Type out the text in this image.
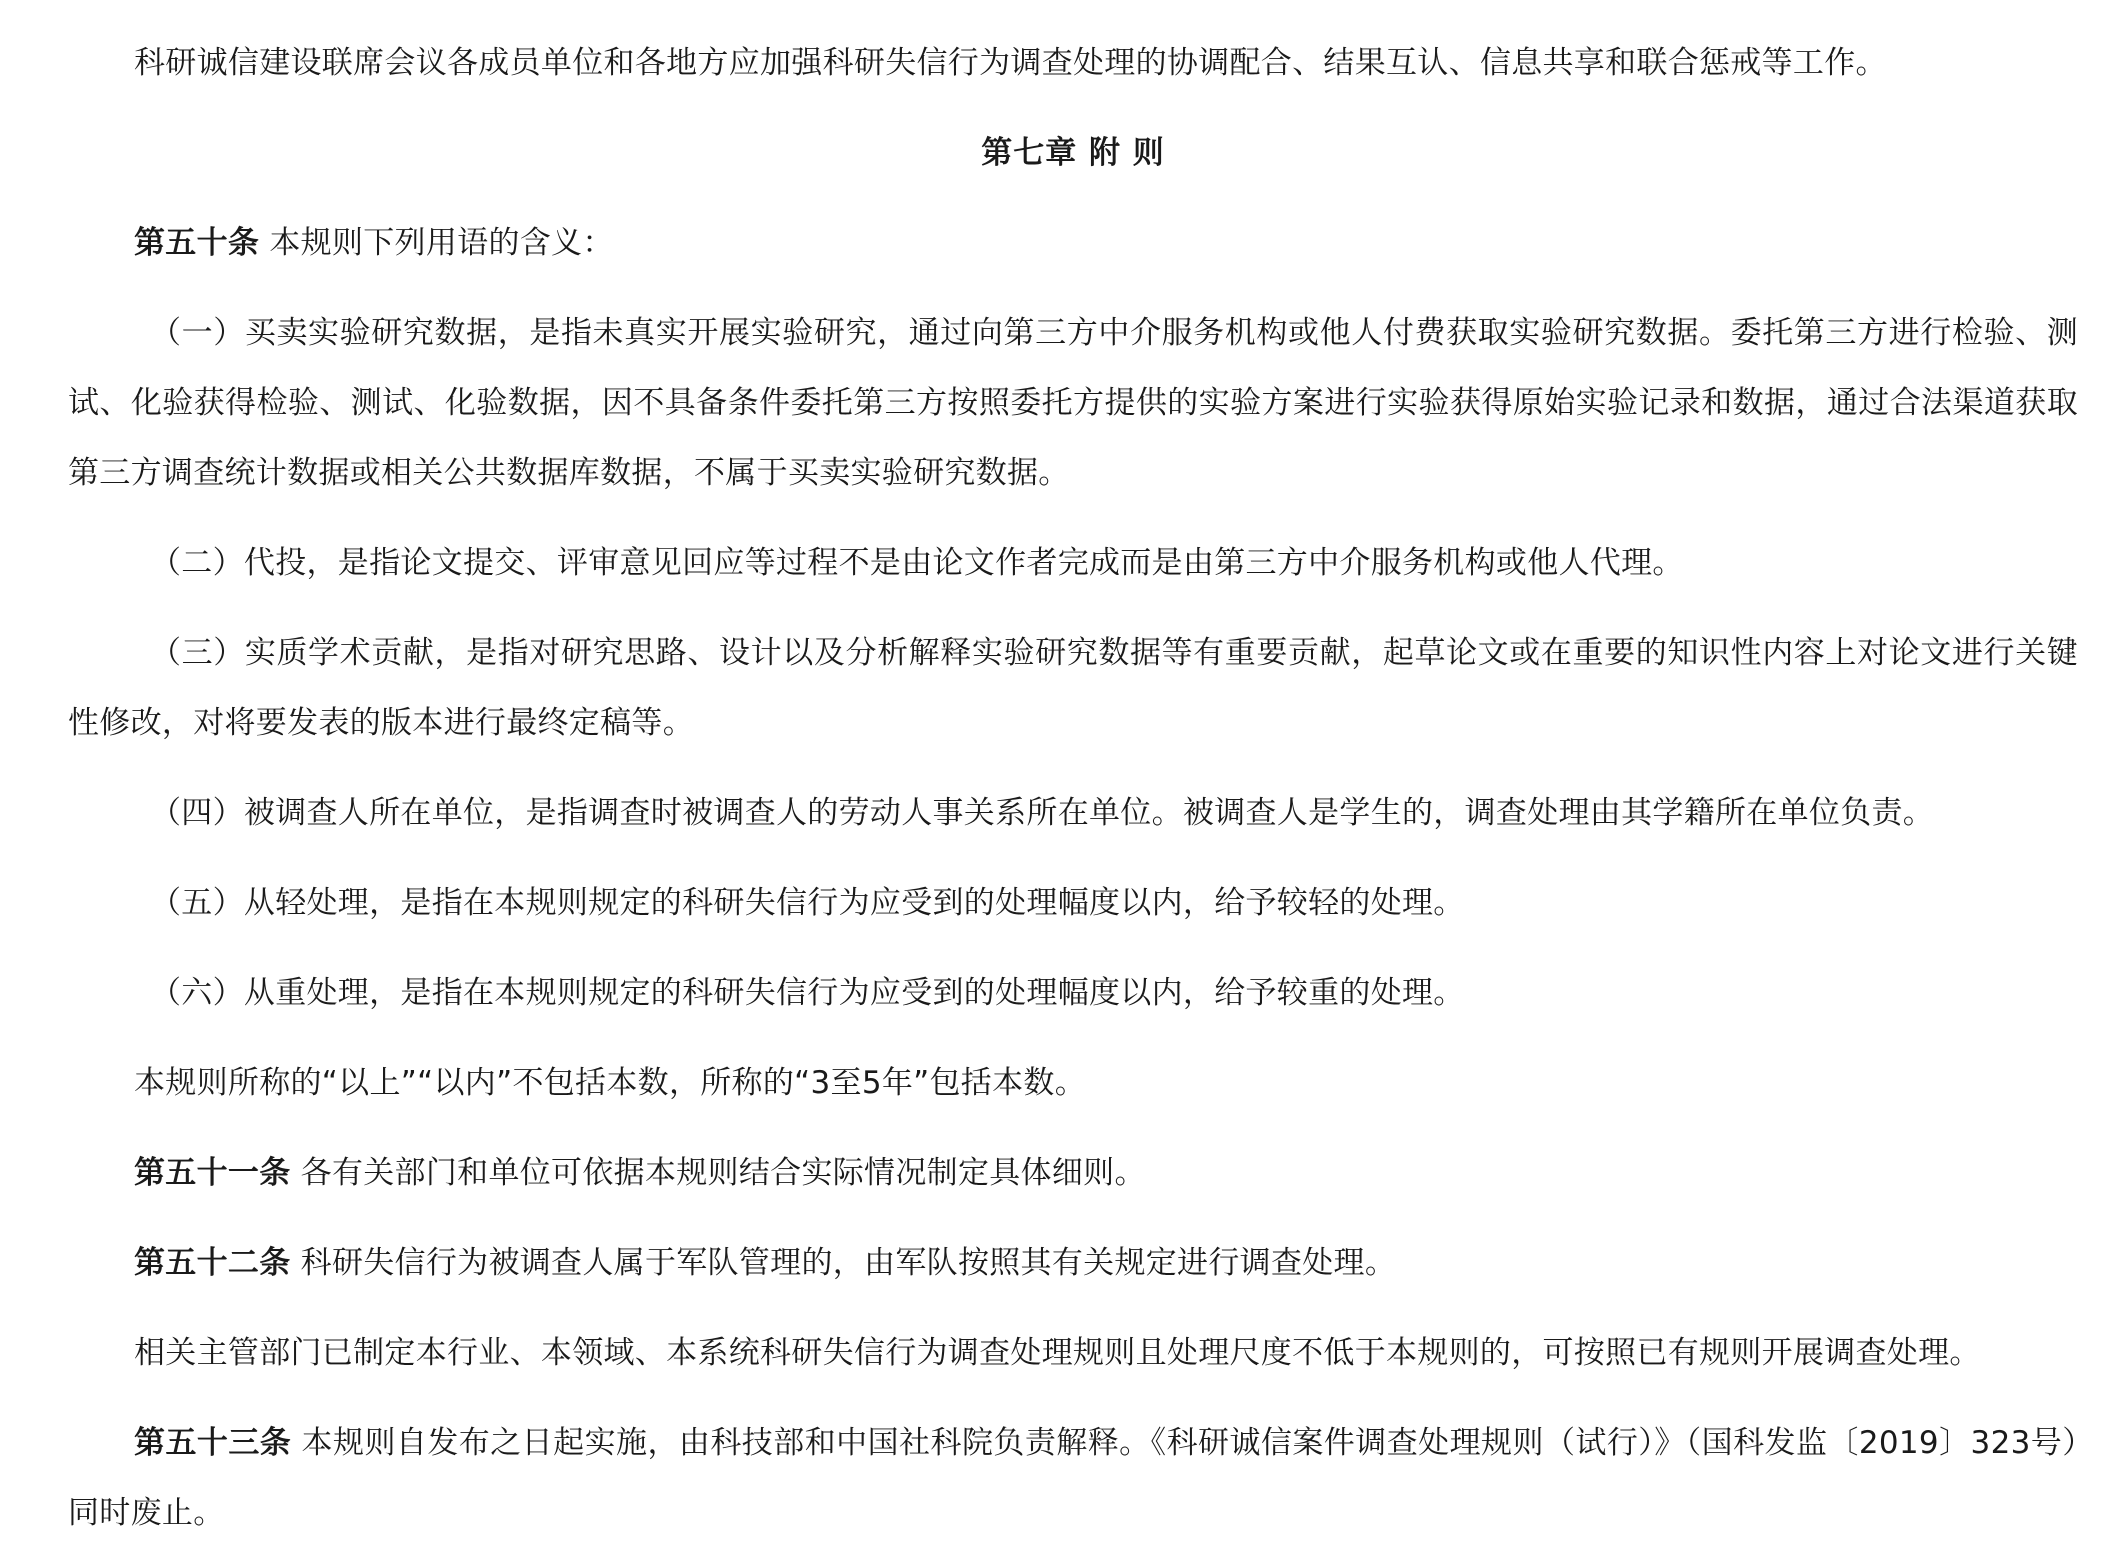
科研诚信建设联席会议各成员单位和各地方应加强科研失信行为调查处理的协调配合、结果互认、信息共享和联合惩戒等工作。

第七章 附 则

第五十条 本规则下列用语的含义：

（一）买卖实验研究数据，是指未真实开展实验研究，通过向第三方中介服务机构或他人付费获取实验研究数据。委托第三方进行检验、测试、化验获得检验、测试、化验数据，因不具备条件委托第三方按照委托方提供的实验方案进行实验获得原始实验记录和数据，通过合法渠道获取第三方调查统计数据或相关公共数据库数据，不属于买卖实验研究数据。

（二）代投，是指论文提交、评审意见回应等过程不是由论文作者完成而是由第三方中介服务机构或他人代理。

（三）实质学术贡献，是指对研究思路、设计以及分析解释实验研究数据等有重要贡献，起草论文或在重要的知识性内容上对论文进行关键性修改，对将要发表的版本进行最终定稿等。

（四）被调查人所在单位，是指调查时被调查人的劳动人事关系所在单位。被调查人是学生的，调查处理由其学籍所在单位负责。

（五）从轻处理，是指在本规则规定的科研失信行为应受到的处理幅度以内，给予较轻的处理。

（六）从重处理，是指在本规则规定的科研失信行为应受到的处理幅度以内，给予较重的处理。

本规则所称的“以上”“以内”不包括本数，所称的“3至5年”包括本数。

第五十一条 各有关部门和单位可依据本规则结合实际情况制定具体细则。

第五十二条 科研失信行为被调查人属于军队管理的，由军队按照其有关规定进行调查处理。

相关主管部门已制定本行业、本领域、本系统科研失信行为调查处理规则且处理尺度不低于本规则的，可按照已有规则开展调查处理。

第五十三条 本规则自发布之日起实施，由科技部和中国社科院负责解释。《科研诚信案件调查处理规则（试行）》（国科发监〔2019〕323号）同时废止。
